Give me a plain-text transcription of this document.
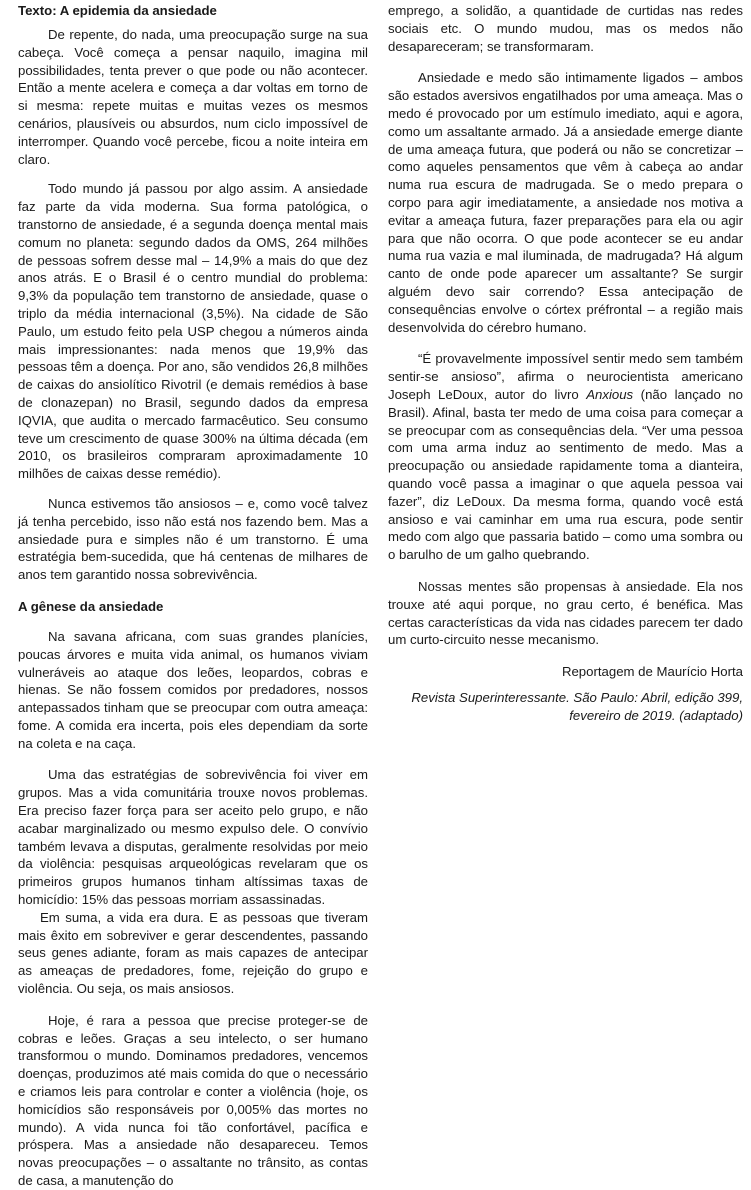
Texto: A epidemia da ansiedade

De repente, do nada, uma preocupação surge na sua cabeça. Você começa a pensar naquilo, imagina mil possibilidades, tenta prever o que pode ou não acontecer. Então a mente acelera e começa a dar voltas em torno de si mesma: repete muitas e muitas vezes os mesmos cenários, plausíveis ou absurdos, num ciclo impossível de interromper. Quando você percebe, ficou a noite inteira em claro.

Todo mundo já passou por algo assim. A ansiedade faz parte da vida moderna. Sua forma patológica, o transtorno de ansiedade, é a segunda doença mental mais comum no planeta: segundo dados da OMS, 264 milhões de pessoas sofrem desse mal – 14,9% a mais do que dez anos atrás. E o Brasil é o centro mundial do problema: 9,3% da população tem transtorno de ansiedade, quase o triplo da média internacional (3,5%). Na cidade de São Paulo, um estudo feito pela USP chegou a números ainda mais impressionantes: nada menos que 19,9% das pessoas têm a doença. Por ano, são vendidos 26,8 milhões de caixas do ansiolítico Rivotril (e demais remédios à base de clonazepan) no Brasil, segundo dados da empresa IQVIA, que audita o mercado farmacêutico. Seu consumo teve um crescimento de quase 300% na última década (em 2010, os brasileiros compraram aproximadamente 10 milhões de caixas desse remédio).

Nunca estivemos tão ansiosos – e, como você talvez já tenha percebido, isso não está nos fazendo bem. Mas a ansiedade pura e simples não é um transtorno. É uma estratégia bem-sucedida, que há centenas de milhares de anos tem garantido nossa sobrevivência.

A gênese da ansiedade

Na savana africana, com suas grandes planícies, poucas árvores e muita vida animal, os humanos viviam vulneráveis ao ataque dos leões, leopardos, cobras e hienas. Se não fossem comidos por predadores, nossos antepassados tinham que se preocupar com outra ameaça: fome. A comida era incerta, pois eles dependiam da sorte na coleta e na caça.

Uma das estratégias de sobrevivência foi viver em grupos. Mas a vida comunitária trouxe novos problemas. Era preciso fazer força para ser aceito pelo grupo, e não acabar marginalizado ou mesmo expulso dele. O convívio também levava a disputas, geralmente resolvidas por meio da violência: pesquisas arqueológicas revelaram que os primeiros grupos humanos tinham altíssimas taxas de homicídio: 15% das pessoas morriam assassinadas.

Em suma, a vida era dura. E as pessoas que tiveram mais êxito em sobreviver e gerar descendentes, passando seus genes adiante, foram as mais capazes de antecipar as ameaças de predadores, fome, rejeição do grupo e violência. Ou seja, os mais ansiosos.

Hoje, é rara a pessoa que precise proteger-se de cobras e leões. Graças a seu intelecto, o ser humano transformou o mundo. Dominamos predadores, vencemos doenças, produzimos até mais comida do que o necessário e criamos leis para controlar e conter a violência (hoje, os homicídios são responsáveis por 0,005% das mortes no mundo). A vida nunca foi tão confortável, pacífica e próspera. Mas a ansiedade não desapareceu. Temos novas preocupações – o assaltante no trânsito, as contas de casa, a manutenção do

emprego, a solidão, a quantidade de curtidas nas redes sociais etc. O mundo mudou, mas os medos não desapareceram; se transformaram.

Ansiedade e medo são intimamente ligados – ambos são estados aversivos engatilhados por uma ameaça. Mas o medo é provocado por um estímulo imediato, aqui e agora, como um assaltante armado. Já a ansiedade emerge diante de uma ameaça futura, que poderá ou não se concretizar – como aqueles pensamentos que vêm à cabeça ao andar numa rua escura de madrugada. Se o medo prepara o corpo para agir imediatamente, a ansiedade nos motiva a evitar a ameaça futura, fazer preparações para ela ou agir para que não ocorra. O que pode acontecer se eu andar numa rua vazia e mal iluminada, de madrugada? Há algum canto de onde pode aparecer um assaltante? Se surgir alguém devo sair correndo? Essa antecipação de consequências envolve o córtex préfrontal – a região mais desenvolvida do cérebro humano.

“É provavelmente impossível sentir medo sem também sentir-se ansioso”, afirma o neurocientista americano Joseph LeDoux, autor do livro Anxious (não lançado no Brasil). Afinal, basta ter medo de uma coisa para começar a se preocupar com as consequências dela. “Ver uma pessoa com uma arma induz ao sentimento de medo. Mas a preocupação ou ansiedade rapidamente toma a dianteira, quando você passa a imaginar o que aquela pessoa vai fazer”, diz LeDoux. Da mesma forma, quando você está ansioso e vai caminhar em uma rua escura, pode sentir medo com algo que passaria batido – como uma sombra ou o barulho de um galho quebrando.

Nossas mentes são propensas à ansiedade. Ela nos trouxe até aqui porque, no grau certo, é benéfica. Mas certas características da vida nas cidades parecem ter dado um curto-circuito nesse mecanismo.

Reportagem de Maurício Horta
Revista Superinteressante. São Paulo: Abril, edição 399, fevereiro de 2019. (adaptado)
